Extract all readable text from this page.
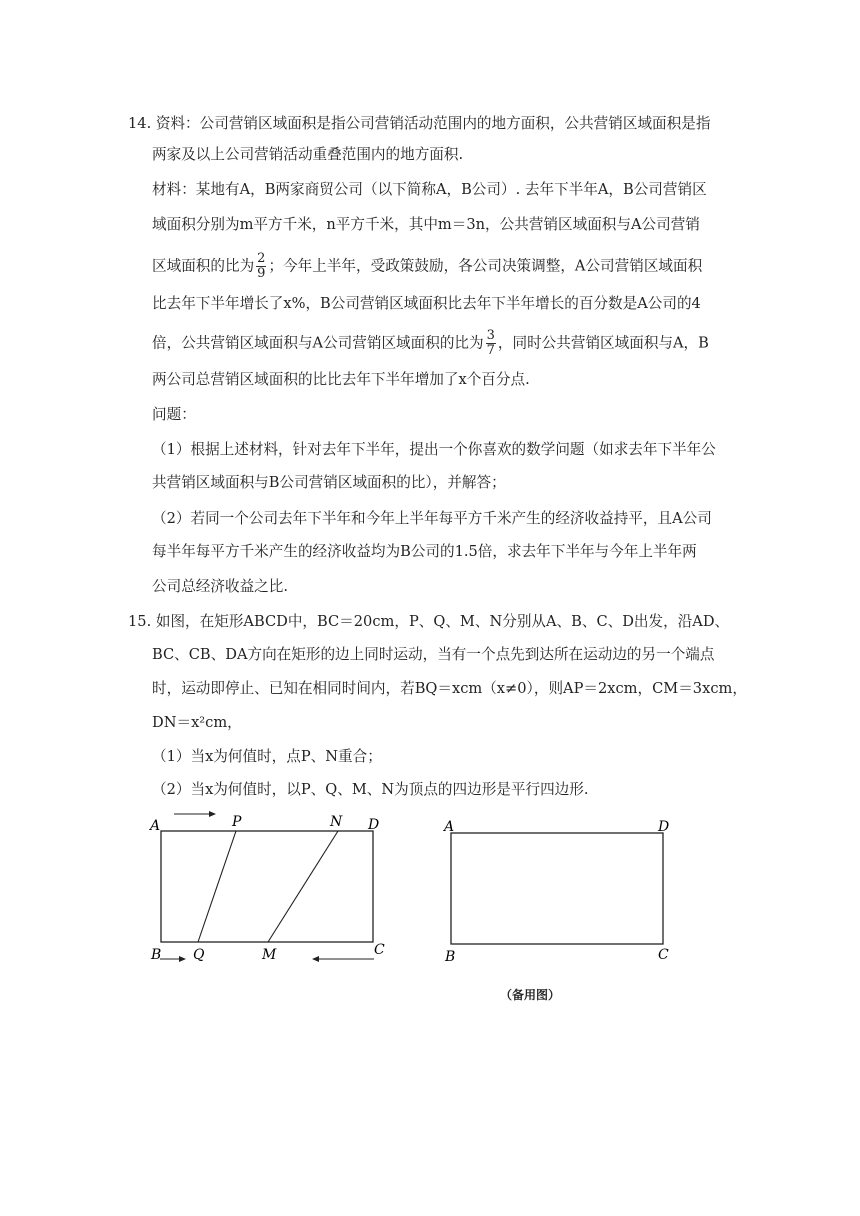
14. 资料：公司营销区域面积是指公司营销活动范围内的地方面积，公共营销区域面积是指
两家及以上公司营销活动重叠范围内的地方面积.
材料：某地有A，B两家商贸公司（以下简称A，B公司）. 去年下半年A，B公司营销区
域面积分别为m平方千米，n平方千米，其中m＝3n，公共营销区域面积与A公司营销
区域面积的比为 $\frac{2}{9}$ ；今年上半年，受政策鼓励，各公司决策调整，A公司营销区域面积
比去年下半年增长了x%，B公司营销区域面积比去年下半年增长的百分数是A公司的4
倍，公共营销区域面积与A公司营销区域面积的比为 $\frac{3}{7}$ ，同时公共营销区域面积与A，B
两公司总营销区域面积的比比去年下半年增加了x个百分点.
问题：
（1）根据上述材料，针对去年下半年，提出一个你喜欢的数学问题（如求去年下半年公
共营销区域面积与B公司营销区域面积的比），并解答；
（2）若同一个公司去年下半年和今年上半年每平方千米产生的经济收益持平，且A公司
每半年每平方千米产生的经济收益均为B公司的1.5倍，求去年下半年与今年上半年两
公司总经济收益之比.
15. 如图，在矩形ABCD中，BC＝20cm，P、Q、M、N分别从A、B、C、D出发，沿AD、
BC、CB、DA方向在矩形的边上同时运动，当有一个点先到达所在运动边的另一个端点
时，运动即停止、已知在相同时间内，若BQ＝xcm（x≠0），则AP＝2xcm，CM＝3xcm，
DN＝x²cm，
（1）当x为何值时，点P、N重合；
（2）当x为何值时，以P、Q、M、N为顶点的四边形是平行四边形.
A	P	N D
B Q	M	C
A	D
B	C
（备用图）
